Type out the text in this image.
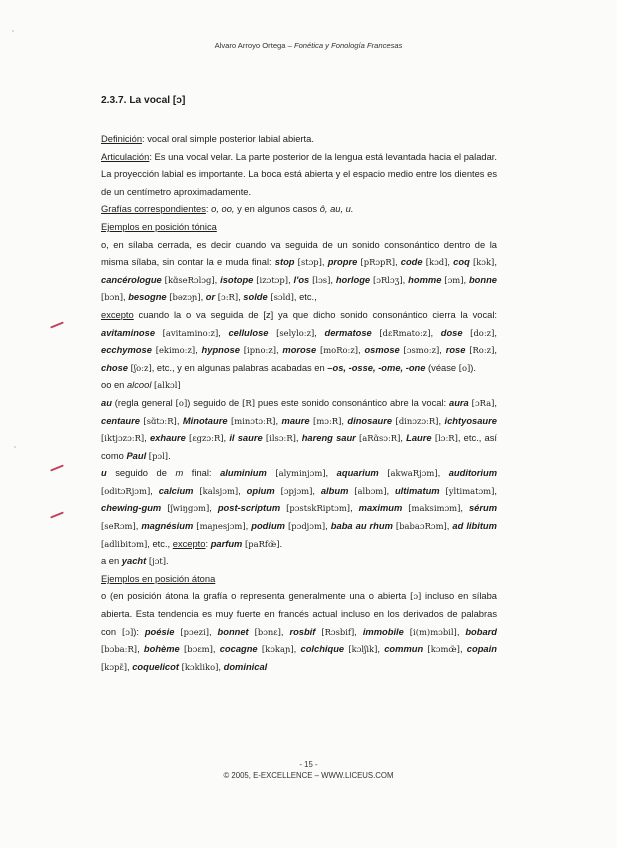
Alvaro Arroyo Ortega – Fonética y Fonología Francesas
2.3.7. La vocal [ɔ]

Definición: vocal oral simple posterior labial abierta.

Articulación: Es una vocal velar. La parte posterior de la lengua está levantada hacia el paladar. La proyección labial es importante. La boca está abierta y el espacio medio entre los dientes es de un centímetro aproximadamente.

Grafías correspondientes: o, oo, y en algunos casos ô, au, u.

Ejemplos en posición tónica

o, en sílaba cerrada, es decir cuando va seguida de un sonido consonántico dentro de la misma sílaba, sin contar la e muda final: stop [stɔp], propre [pRɔpR], code [kɔd], coq [kɔk], cancérologue [kɑ̃seRɔlɔg], isotope [izɔtɔp], l'os [lɔs], horloge [ɔRlɔʒ], homme [ɔm], bonne [bɔn], besogne [bəzɔɲ], or [ɔ:R], solde [sɔld], etc.,

excepto cuando la o va seguida de [z] ya que dicho sonido consonántico cierra la vocal: avitaminose [avitaminoːz], cellulose [selyloːz], dermatose [dɛRmatoːz], dose [doːz], ecchymose [ekimoːz], hypnose [ipnoːz], morose [moRoːz], osmose [ɔsmoːz], rose [Roːz], chose [ʃoːz], etc., y en algunas palabras acabadas en –os, -osse, -ome, -one (véase [o]).

oo en alcool [alkɔl]

au (regla general [o]) seguido de [R] pues este sonido consonántico abre la vocal: aura [ɔRa], centaure [sɑ̃tɔːR], Minotaure [minɔtɔːR], maure [mɔːR], dinosaure [dinɔzɔːR], ichtyosaure [iktjɔzɔːR], exhaure [ɛgzɔːR], il saure [ilsɔːR], hareng saur [aRɑ̃sɔːR], Laure [lɔːR], etc., así como Paul [pɔl].

u seguido de m final: aluminium [alyminjɔm], aquarium [akwaRjɔm], auditorium [oditɔRjɔm], calcium [kalsjɔm], opium [ɔpjɔm], album [albɔm], ultimatum [yltimatɔm], chewing-gum [ʃwiŋgɔm], post-scriptum [pɔstskRiptɔm], maximum [maksimɔm], sérum [seRɔm], magnésium [maɲesjɔm], podium [pɔdjɔm], baba au rhum [babaɔRɔm], ad libitum [adlibitɔm], etc., excepto: parfum [paRfœ̃].

a en yacht [jɔt].

Ejemplos en posición átona

o (en posición átona la grafía o representa generalmente una o abierta [ɔ] incluso en sílaba abierta. Esta tendencia es muy fuerte en francés actual incluso en los derivados de palabras con [ɔ]): poésie [pɔezi], bonnet [bɔnɛ], rosbif [Rɔsbif], immobile [i(m)mɔbil], bobard [bɔbaːR], bohème [bɔɛm], cocagne [kɔkaɲ], colchique [kɔlʃik], commun [kɔmœ̃], copain [kɔpɛ̃], coquelicot [kɔkliko], dominical

- 15 -
© 2005, E-EXCELLENCE – WWW.LICEUS.COM
